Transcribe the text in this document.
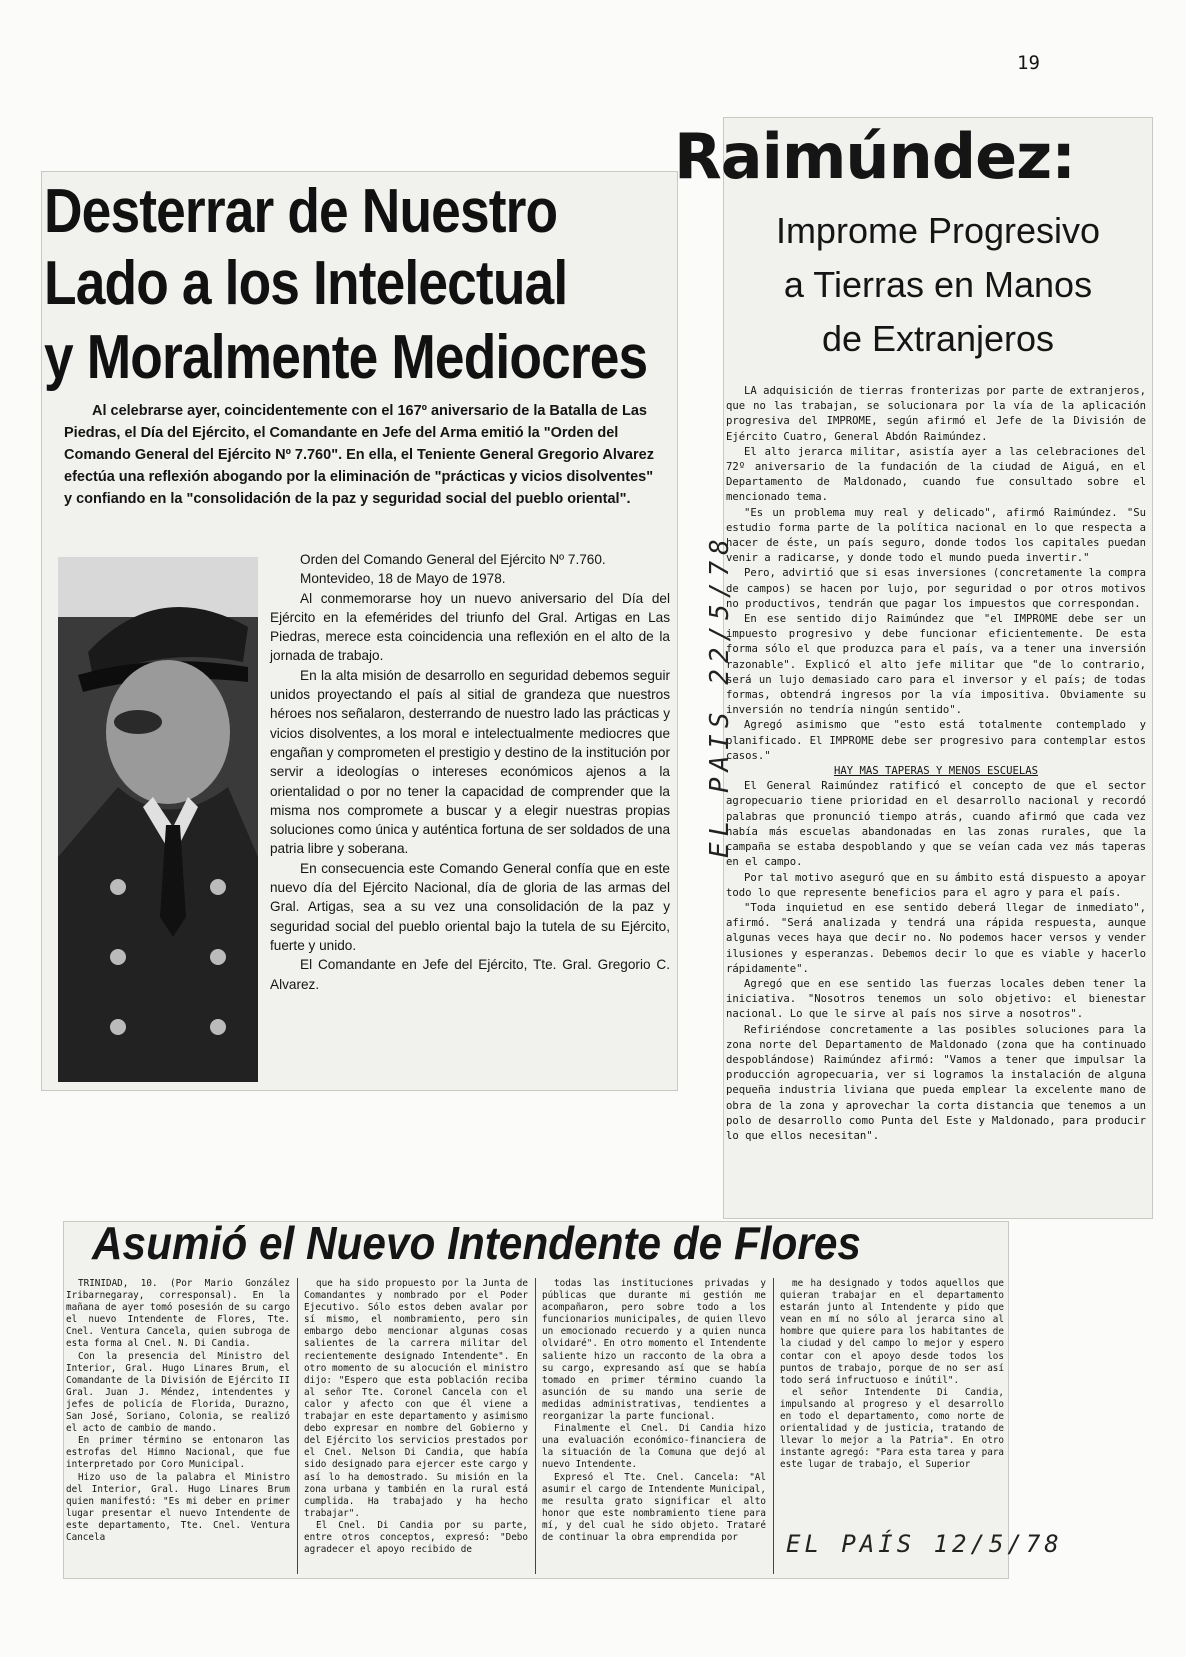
19
Desterrar de Nuestro
Lado a los Intelectual
y Moralmente Mediocres

Al celebrarse ayer, coincidentemente con el 167º aniversario de la Batalla de Las Piedras, el Día del Ejército, el Comandante en Jefe del Arma emitió la "Orden del Comando General del Ejército Nº 7.760". En ella, el Teniente General Gregorio Alvarez efectúa una reflexión abogando por la eliminación de "prácticas y vicios disolventes" y confiando en la "consolidación de la paz y seguridad social del pueblo oriental".

Orden del Comando General del Ejército Nº 7.760.

Montevideo, 18 de Mayo de 1978.

Al conmemorarse hoy un nuevo aniversario del Día del Ejército en la efemérides del triunfo del Gral. Artigas en Las Piedras, merece esta coincidencia una reflexión en el alto de la jornada de trabajo.

En la alta misión de desarrollo en seguridad debemos seguir unidos proyectando el país al sitial de grandeza que nuestros héroes nos señalaron, desterrando de nuestro lado las prácticas y vicios disolventes, a los moral e intelectualmente mediocres que engañan y comprometen el prestigio y destino de la institución por servir a ideologías o intereses económicos ajenos a la orientalidad o por no tener la capacidad de comprender que la misma nos compromete a buscar y a elegir nuestras propias soluciones como única y auténtica fortuna de ser soldados de una patria libre y soberana.

En consecuencia este Comando General confía que en este nuevo día del Ejército Nacional, día de gloria de las armas del Gral. Artigas, sea a su vez una consolidación de la paz y seguridad social del pueblo oriental bajo la tutela de su Ejército, fuerte y unido.

El Comandante en Jefe del Ejército, Tte. Gral. Gregorio C. Alvarez.

Raimúndez:
Improme Progresivo
a Tierras en Manos
de Extranjeros

LA adquisición de tierras fronterizas por parte de extranjeros, que no las trabajan, se solucionara por la vía de la aplicación progresiva del IMPROME, según afirmó el Jefe de la División de Ejército Cuatro, General Abdón Raimúndez.

El alto jerarca militar, asistía ayer a las celebraciones del 72º aniversario de la fundación de la ciudad de Aiguá, en el Departamento de Maldonado, cuando fue consultado sobre el mencionado tema.

"Es un problema muy real y delicado", afirmó Raimúndez. "Su estudio forma parte de la política nacional en lo que respecta a hacer de éste, un país seguro, donde todos los capitales puedan venir a radicarse, y donde todo el mundo pueda invertir."

Pero, advirtió que si esas inversiones (concretamente la compra de campos) se hacen por lujo, por seguridad o por otros motivos no productivos, tendrán que pagar los impuestos que correspondan.

En ese sentido dijo Raimúndez que "el IMPROME debe ser un impuesto progresivo y debe funcionar eficientemente. De esta forma sólo el que produzca para el país, va a tener una inversión razonable". Explicó el alto jefe militar que "de lo contrario, será un lujo demasiado caro para el inversor y el país; de todas formas, obtendrá ingresos por la vía impositiva. Obviamente su inversión no tendría ningún sentido".

Agregó asimismo que "esto está totalmente contemplado y planificado. El IMPROME debe ser progresivo para contemplar estos casos."

HAY MAS TAPERAS Y MENOS ESCUELAS

El General Raimúndez ratificó el concepto de que el sector agropecuario tiene prioridad en el desarrollo nacional y recordó palabras que pronunció tiempo atrás, cuando afirmó que cada vez había más escuelas abandonadas en las zonas rurales, que la campaña se estaba despoblando y que se veían cada vez más taperas en el campo.

Por tal motivo aseguró que en su ámbito está dispuesto a apoyar todo lo que represente beneficios para el agro y para el país.

"Toda inquietud en ese sentido deberá llegar de inmediato", afirmó. "Será analizada y tendrá una rápida respuesta, aunque algunas veces haya que decir no. No podemos hacer versos y vender ilusiones y esperanzas. Debemos decir lo que es viable y hacerlo rápidamente".

Agregó que en ese sentido las fuerzas locales deben tener la iniciativa. "Nosotros tenemos un solo objetivo: el bienestar nacional. Lo que le sirve al país nos sirve a nosotros".

Refiriéndose concretamente a las posibles soluciones para la zona norte del Departamento de Maldonado (zona que ha continuado despoblándose) Raimúndez afirmó: "Vamos a tener que impulsar la producción agropecuaria, ver si logramos la instalación de alguna pequeña industria liviana que pueda emplear la excelente mano de obra de la zona y aprovechar la corta distancia que tenemos a un polo de desarrollo como Punta del Este y Maldonado, para producir lo que ellos necesitan".

EL PAIS 22/5/78
Asumió el Nuevo Intendente de Flores

TRINIDAD, 10. (Por Mario González Iribarnegaray, corresponsal). En la mañana de ayer tomó posesión de su cargo el nuevo Intendente de Flores, Tte. Cnel. Ventura Cancela, quien subroga de esta forma al Cnel. N. Di Candia.

Con la presencia del Ministro del Interior, Gral. Hugo Linares Brum, el Comandante de la División de Ejército II Gral. Juan J. Méndez, intendentes y jefes de policía de Florida, Durazno, San José, Soriano, Colonia, se realizó el acto de cambio de mando.

En primer término se entonaron las estrofas del Himno Nacional, que fue interpretado por Coro Municipal.

Hizo uso de la palabra el Ministro del Interior, Gral. Hugo Linares Brum quien manifestó: "Es mi deber en primer lugar presentar el nuevo Intendente de este departamento, Tte. Cnel. Ventura Cancela

que ha sido propuesto por la Junta de Comandantes y nombrado por el Poder Ejecutivo. Sólo estos deben avalar por sí mismo, el nombramiento, pero sin embargo debo mencionar algunas cosas salientes de la carrera militar del recientemente designado Intendente". En otro momento de su alocución el ministro dijo: "Espero que esta población reciba al señor Tte. Coronel Cancela con el calor y afecto con que él viene a trabajar en este departamento y asimismo debo expresar en nombre del Gobierno y del Ejército los servicios prestados por el Cnel. Nelson Di Candia, que había sido designado para ejercer este cargo y así lo ha demostrado. Su misión en la zona urbana y también en la rural está cumplida. Ha trabajado y ha hecho trabajar".

El Cnel. Di Candia por su parte, entre otros conceptos, expresó: "Debo agradecer el apoyo recibido de

todas las instituciones privadas y públicas que durante mi gestión me acompañaron, pero sobre todo a los funcionarios municipales, de quien llevo un emocionado recuerdo y a quien nunca olvidaré". En otro momento el Intendente saliente hizo un racconto de la obra a su cargo, expresando así que se había tomado en primer término cuando la asunción de su mando una serie de medidas administrativas, tendientes a reorganizar la parte funcional.

Finalmente el Cnel. Di Candia hizo una evaluación económico-financiera de la situación de la Comuna que dejó al nuevo Intendente.

Expresó el Tte. Cnel. Cancela: "Al asumir el cargo de Intendente Municipal, me resulta grato significar el alto honor que este nombramiento tiene para mí, y del cual he sido objeto. Trataré de continuar la obra emprendida por

me ha designado y todos aquellos que quieran trabajar en el departamento estarán junto al Intendente y pido que vean en mí no sólo al jerarca sino al hombre que quiere para los habitantes de la ciudad y del campo lo mejor y espero contar con el apoyo desde todos los puntos de trabajo, porque de no ser así todo será infructuoso e inútil".

el señor Intendente Di Candia, impulsando al progreso y el desarrollo en todo el departamento, como norte de orientalidad y de justicia, tratando de llevar lo mejor a la Patria". En otro instante agregó: "Para esta tarea y para este lugar de trabajo, el Superior

EL PAÍS 12/5/78
